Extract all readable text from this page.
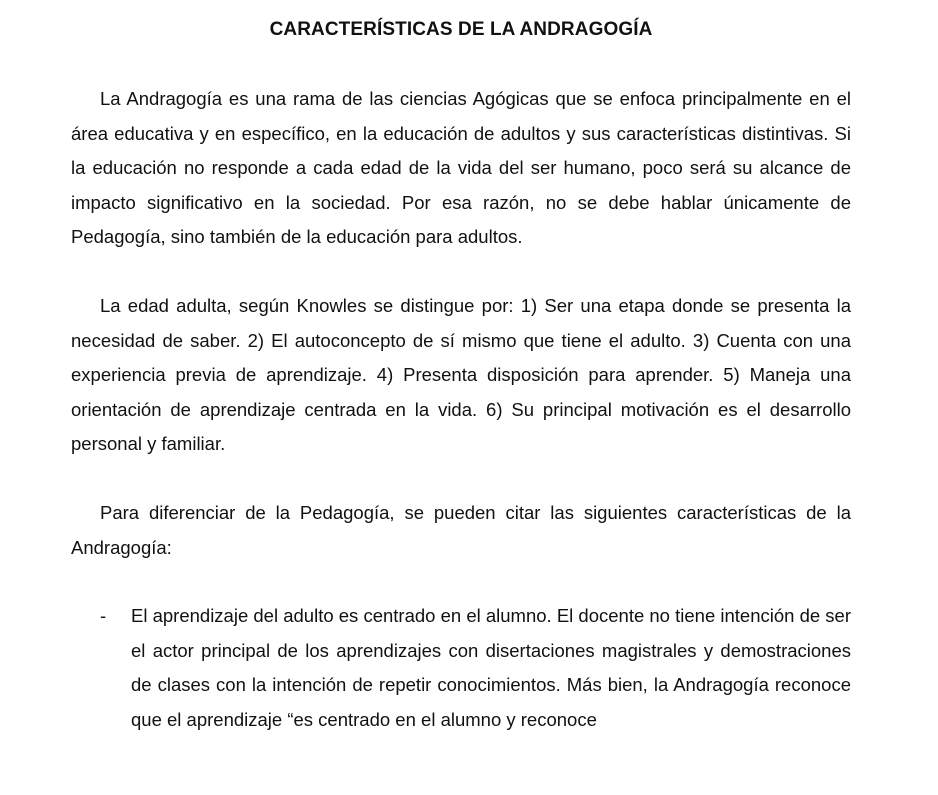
CARACTERÍSTICAS DE LA ANDRAGOGÍA

La Andragogía es una rama de las ciencias Agógicas que se enfoca principalmente en el área educativa y en específico, en la educación de adultos y sus características distintivas. Si la educación no responde a cada edad de la vida del ser humano, poco será su alcance de impacto significativo en la sociedad. Por esa razón, no se debe hablar únicamente de Pedagogía, sino también de la educación para adultos.

La edad adulta, según Knowles se distingue por: 1) Ser una etapa donde se presenta la necesidad de saber. 2) El autoconcepto de sí mismo que tiene el adulto. 3) Cuenta con una experiencia previa de aprendizaje. 4) Presenta disposición para aprender. 5) Maneja una orientación de aprendizaje centrada en la vida. 6) Su principal motivación es el desarrollo personal y familiar.

Para diferenciar de la Pedagogía, se pueden citar las siguientes características de la Andragogía:

- El aprendizaje del adulto es centrado en el alumno. El docente no tiene intención de ser el actor principal de los aprendizajes con disertaciones magistrales y demostraciones de clases con la intención de repetir conocimientos. Más bien, la Andragogía reconoce que el aprendizaje “es centrado en el alumno y reconoce
